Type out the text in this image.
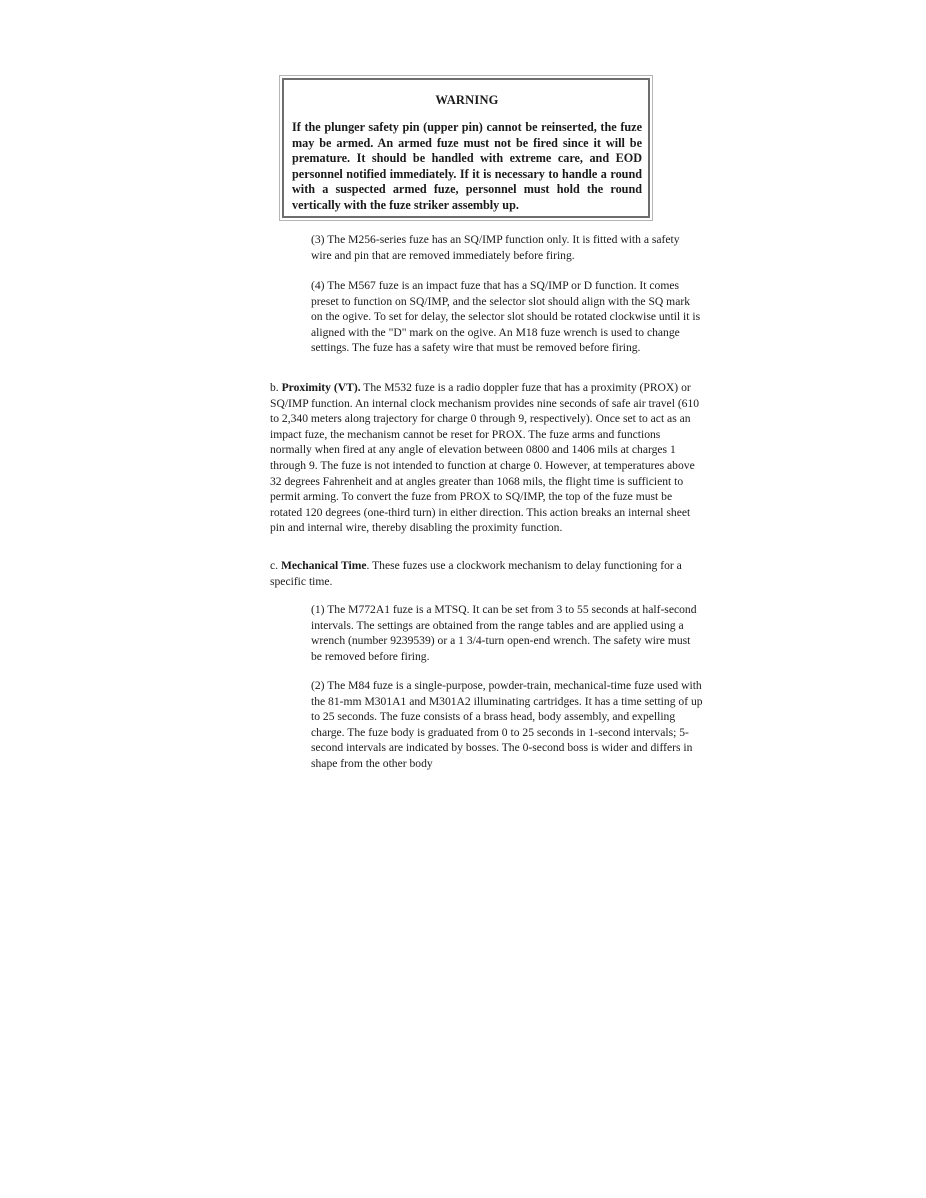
WARNING

If the plunger safety pin (upper pin) cannot be reinserted, the fuze may be armed. An armed fuze must not be fired since it will be premature. It should be handled with extreme care, and EOD personnel notified immediately. If it is necessary to handle a round with a suspected armed fuze, personnel must hold the round vertically with the fuze striker assembly up.

(3) The M256-series fuze has an SQ/IMP function only. It is fitted with a safety wire and pin that are removed immediately before firing.

(4) The M567 fuze is an impact fuze that has a SQ/IMP or D function. It comes preset to function on SQ/IMP, and the selector slot should align with the SQ mark on the ogive. To set for delay, the selector slot should be rotated clockwise until it is aligned with the "D" mark on the ogive. An M18 fuze wrench is used to change settings. The fuze has a safety wire that must be removed before firing.

b. Proximity (VT). The M532 fuze is a radio doppler fuze that has a proximity (PROX) or SQ/IMP function. An internal clock mechanism provides nine seconds of safe air travel (610 to 2,340 meters along trajectory for charge 0 through 9, respectively). Once set to act as an impact fuze, the mechanism cannot be reset for PROX. The fuze arms and functions normally when fired at any angle of elevation between 0800 and 1406 mils at charges 1 through 9. The fuze is not intended to function at charge 0. However, at temperatures above 32 degrees Fahrenheit and at angles greater than 1068 mils, the flight time is sufficient to permit arming. To convert the fuze from PROX to SQ/IMP, the top of the fuze must be rotated 120 degrees (one-third turn) in either direction. This action breaks an internal sheet pin and internal wire, thereby disabling the proximity function.

c. Mechanical Time. These fuzes use a clockwork mechanism to delay functioning for a specific time.

(1) The M772A1 fuze is a MTSQ. It can be set from 3 to 55 seconds at half-second intervals. The settings are obtained from the range tables and are applied using a wrench (number 9239539) or a 1 3/4-turn open-end wrench. The safety wire must be removed before firing.

(2) The M84 fuze is a single-purpose, powder-train, mechanical-time fuze used with the 81-mm M301A1 and M301A2 illuminating cartridges. It has a time setting of up to 25 seconds. The fuze consists of a brass head, body assembly, and expelling charge. The fuze body is graduated from 0 to 25 seconds in 1-second intervals; 5-second intervals are indicated by bosses. The 0-second boss is wider and differs in shape from the other body
